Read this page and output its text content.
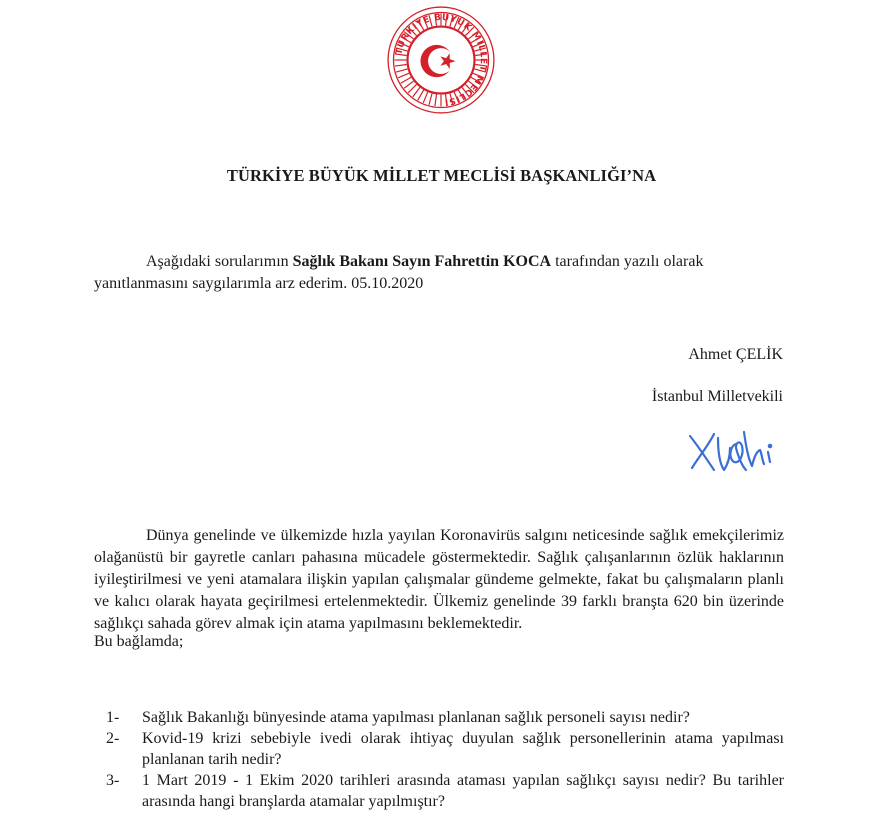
TÜRKİYE BÜYÜK MİLLET MECLİSİ
TÜRKİYE BÜYÜK MİLLET MECLİSİ BAŞKANLIĞI’NA
Aşağıdaki sorularımın Sağlık Bakanı Sayın Fahrettin KOCA tarafından yazılı olarak
yanıtlanmasını saygılarımla arz ederim. 05.10.2020
Ahmet ÇELİK
İstanbul Milletvekili
Dünya genelinde ve ülkemizde hızla yayılan Koronavirüs salgını neticesinde sağlık emekçilerimiz olağanüstü bir gayretle canları pahasına mücadele göstermektedir. Sağlık çalışanlarının özlük haklarının iyileştirilmesi ve yeni atamalara ilişkin yapılan çalışmalar gündeme gelmekte, fakat bu çalışmaların planlı ve kalıcı olarak hayata geçirilmesi ertelenmektedir. Ülkemiz genelinde 39 farklı branşta 620 bin üzerinde sağlıkçı sahada görev almak için atama yapılmasını beklemektedir.
Bu bağlamda;
1-	Sağlık Bakanlığı bünyesinde atama yapılması planlanan sağlık personeli sayısı nedir?
2-	Kovid-19 krizi sebebiyle ivedi olarak ihtiyaç duyulan sağlık personellerinin atama yapılması planlanan tarih nedir?
3-	1 Mart 2019 - 1 Ekim 2020 tarihleri arasında ataması yapılan sağlıkçı sayısı nedir? Bu tarihler arasında hangi branşlarda atamalar yapılmıştır?
